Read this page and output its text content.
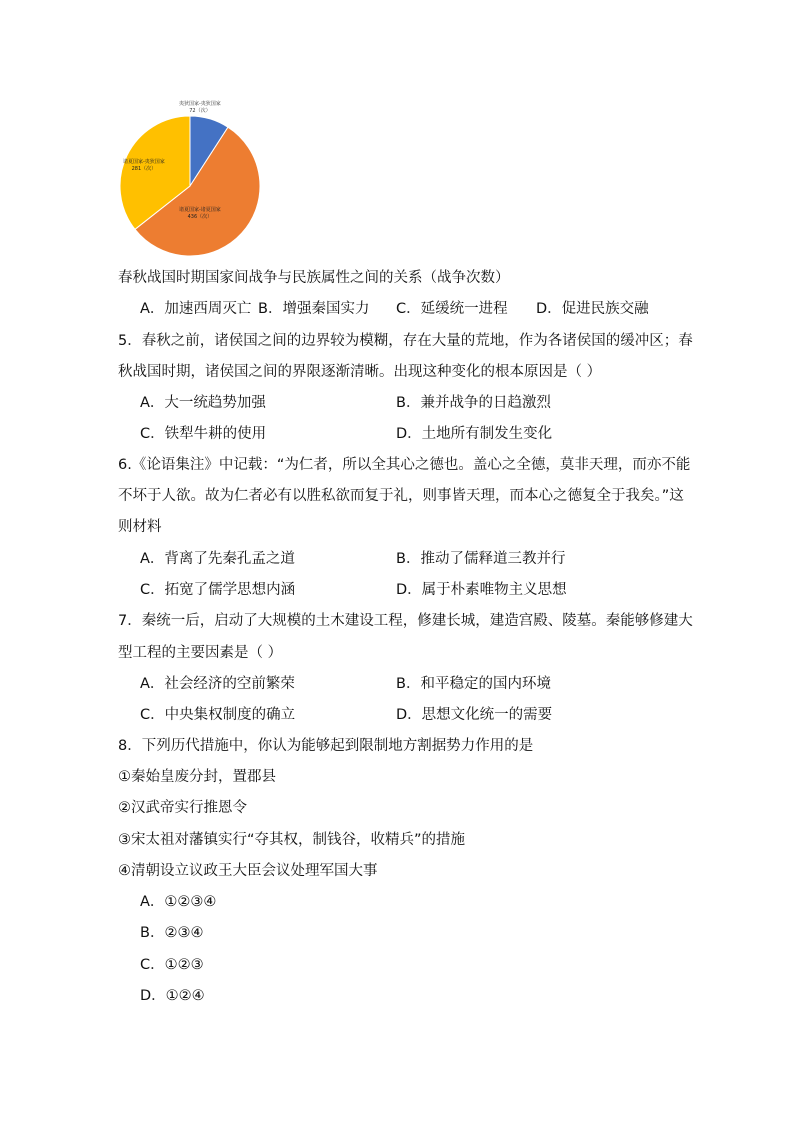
夷狄国家-夷狄国家
72（次）
诸夏国家-诸夏国家
436（次）
诸夏国家-夷狄国家
281（次）
春秋战国时期国家间战争与民族属性之间的关系（战争次数）
A．加速西周灭亡 B．增强秦国实力 C．延缓统一进程 D．促进民族交融
5．春秋之前，诸侯国之间的边界较为模糊，存在大量的荒地，作为各诸侯国的缓冲区；春
秋战国时期，诸侯国之间的界限逐渐清晰。出现这种变化的根本原因是（ ）
A．大一统趋势加强	B．兼并战争的日趋激烈
C．铁犁牛耕的使用	D．土地所有制发生变化
6.《论语集注》中记载：“为仁者，所以全其心之德也。盖心之全德，莫非天理，而亦不能
不坏于人欲。故为仁者必有以胜私欲而复于礼，则事皆天理，而本心之德复全于我矣。”这
则材料
A．背离了先秦孔孟之道	B．推动了儒释道三教并行
C．拓宽了儒学思想内涵	D．属于朴素唯物主义思想
7．秦统一后，启动了大规模的土木建设工程，修建长城，建造宫殿、陵墓。秦能够修建大
型工程的主要因素是（ ）
A．社会经济的空前繁荣	B．和平稳定的国内环境
C．中央集权制度的确立	D．思想文化统一的需要
8．下列历代措施中，你认为能够起到限制地方割据势力作用的是
①秦始皇废分封，置郡县
②汉武帝实行推恩令
③宋太祖对藩镇实行“夺其权，制钱谷，收精兵”的措施
④清朝设立议政王大臣会议处理军国大事
A．①②③④
B．②③④
C．①②③
D．①②④
